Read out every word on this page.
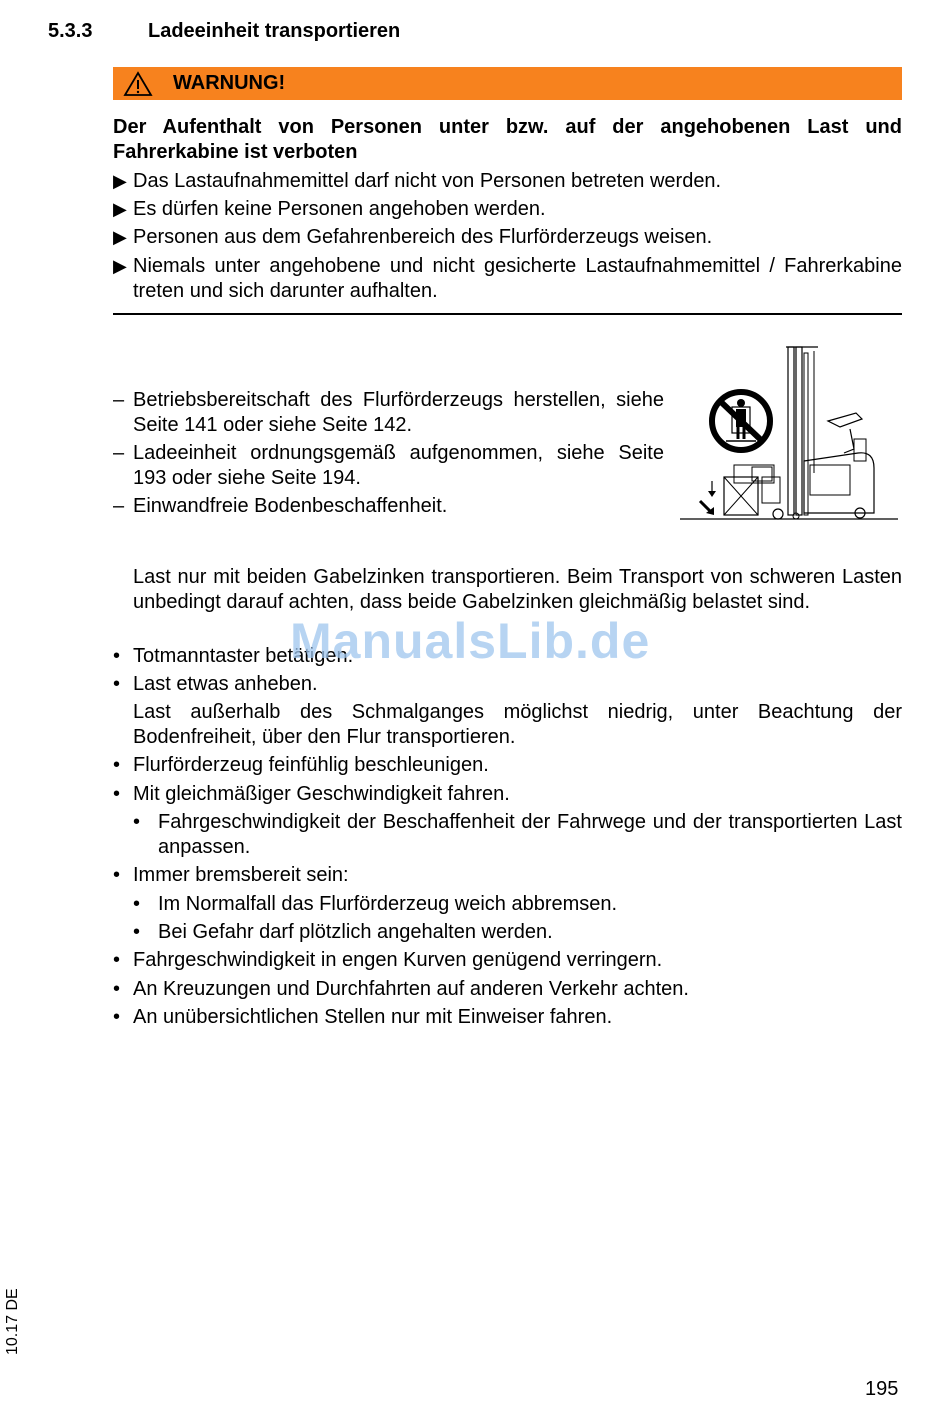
5.3.3	Ladeeinheit transportieren
WARNUNG!
Der Aufenthalt von Personen unter bzw. auf der angehobenen Last und Fahrerkabine ist verboten
▶ Das Lastaufnahmemittel darf nicht von Personen betreten werden.
▶ Es dürfen keine Personen angehoben werden.
▶ Personen aus dem Gefahrenbereich des Flurförderzeugs weisen.
▶ Niemals unter angehobene und nicht gesicherte Lastaufnahmemittel / Fahrerkabine treten und sich darunter aufhalten.
– Betriebsbereitschaft des Flurförderzeugs herstellen, siehe Seite 141 oder siehe Seite 142.
– Ladeeinheit ordnungsgemäß aufgenommen, siehe Seite 193 oder siehe Seite 194.
– Einwandfreie Bodenbeschaffenheit.
Last nur mit beiden Gabelzinken transportieren. Beim Transport von schweren Lasten unbedingt darauf achten, dass beide Gabelzinken gleichmäßig belastet sind.
• Totmanntaster betätigen.
• Last etwas anheben.
Last außerhalb des Schmalganges möglichst niedrig, unter Beachtung der Bodenfreiheit, über den Flur transportieren.
• Flurförderzeug feinfühlig beschleunigen.
• Mit gleichmäßiger Geschwindigkeit fahren.
• Fahrgeschwindigkeit der Beschaffenheit der Fahrwege und der transportierten Last anpassen.
• Immer bremsbereit sein:
• Im Normalfall das Flurförderzeug weich abbremsen.
• Bei Gefahr darf plötzlich angehalten werden.
• Fahrgeschwindigkeit in engen Kurven genügend verringern.
• An Kreuzungen und Durchfahrten auf anderen Verkehr achten.
• An unübersichtlichen Stellen nur mit Einweiser fahren.
ManualsLib.de
10.17 DE
195
